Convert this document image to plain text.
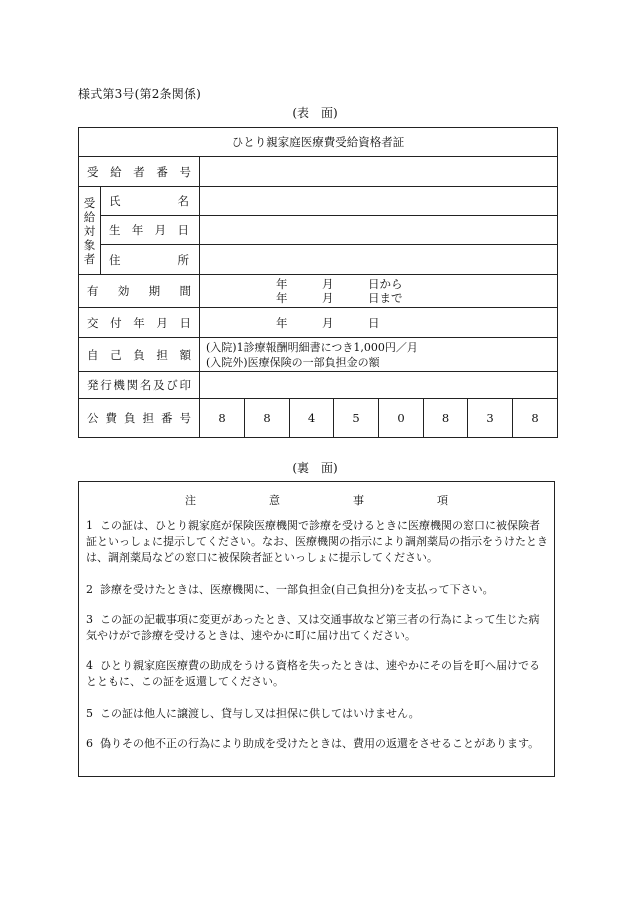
様式第3号(第2条関係)
(表　面)
ひとり親家庭医療費受給資格者証									
受給者番号									

受
給
対
象
者	氏名								
	生年月日								
	住所								
有効期間		年　　　月　　　日から
年　　　月　　　日まで							

交付年月日		年　　　月　　　日							
自己負担額		(入院)1診療報酬明細書につき1,000円／月
(入院外)医療保険の一部負担金の額							

発行機関名及び印									
公費負担番号		8	8	4	5	0	8	3	8
(裏　面)
注	意	事	項
1 この証は、ひとり親家庭が保険医療機関で診療を受けるときに医療機関の窓口に被保険者証といっしょに提示してください。なお、医療機関の指示により調剤薬局の指示をうけたときは、調剤薬局などの窓口に被保険者証といっしょに提示してください。
2 診療を受けたときは、医療機関に、一部負担金(自己負担分)を支払って下さい。
3 この証の記載事項に変更があったとき、又は交通事故など第三者の行為によって生じた病気やけがで診療を受けるときは、速やかに町に届け出てください。
4 ひとり親家庭医療費の助成をうける資格を失ったときは、速やかにその旨を町へ届けでるとともに、この証を返還してください。
5 この証は他人に譲渡し、貸与し又は担保に供してはいけません。
6 偽りその他不正の行為により助成を受けたときは、費用の返還をさせることがあります。
